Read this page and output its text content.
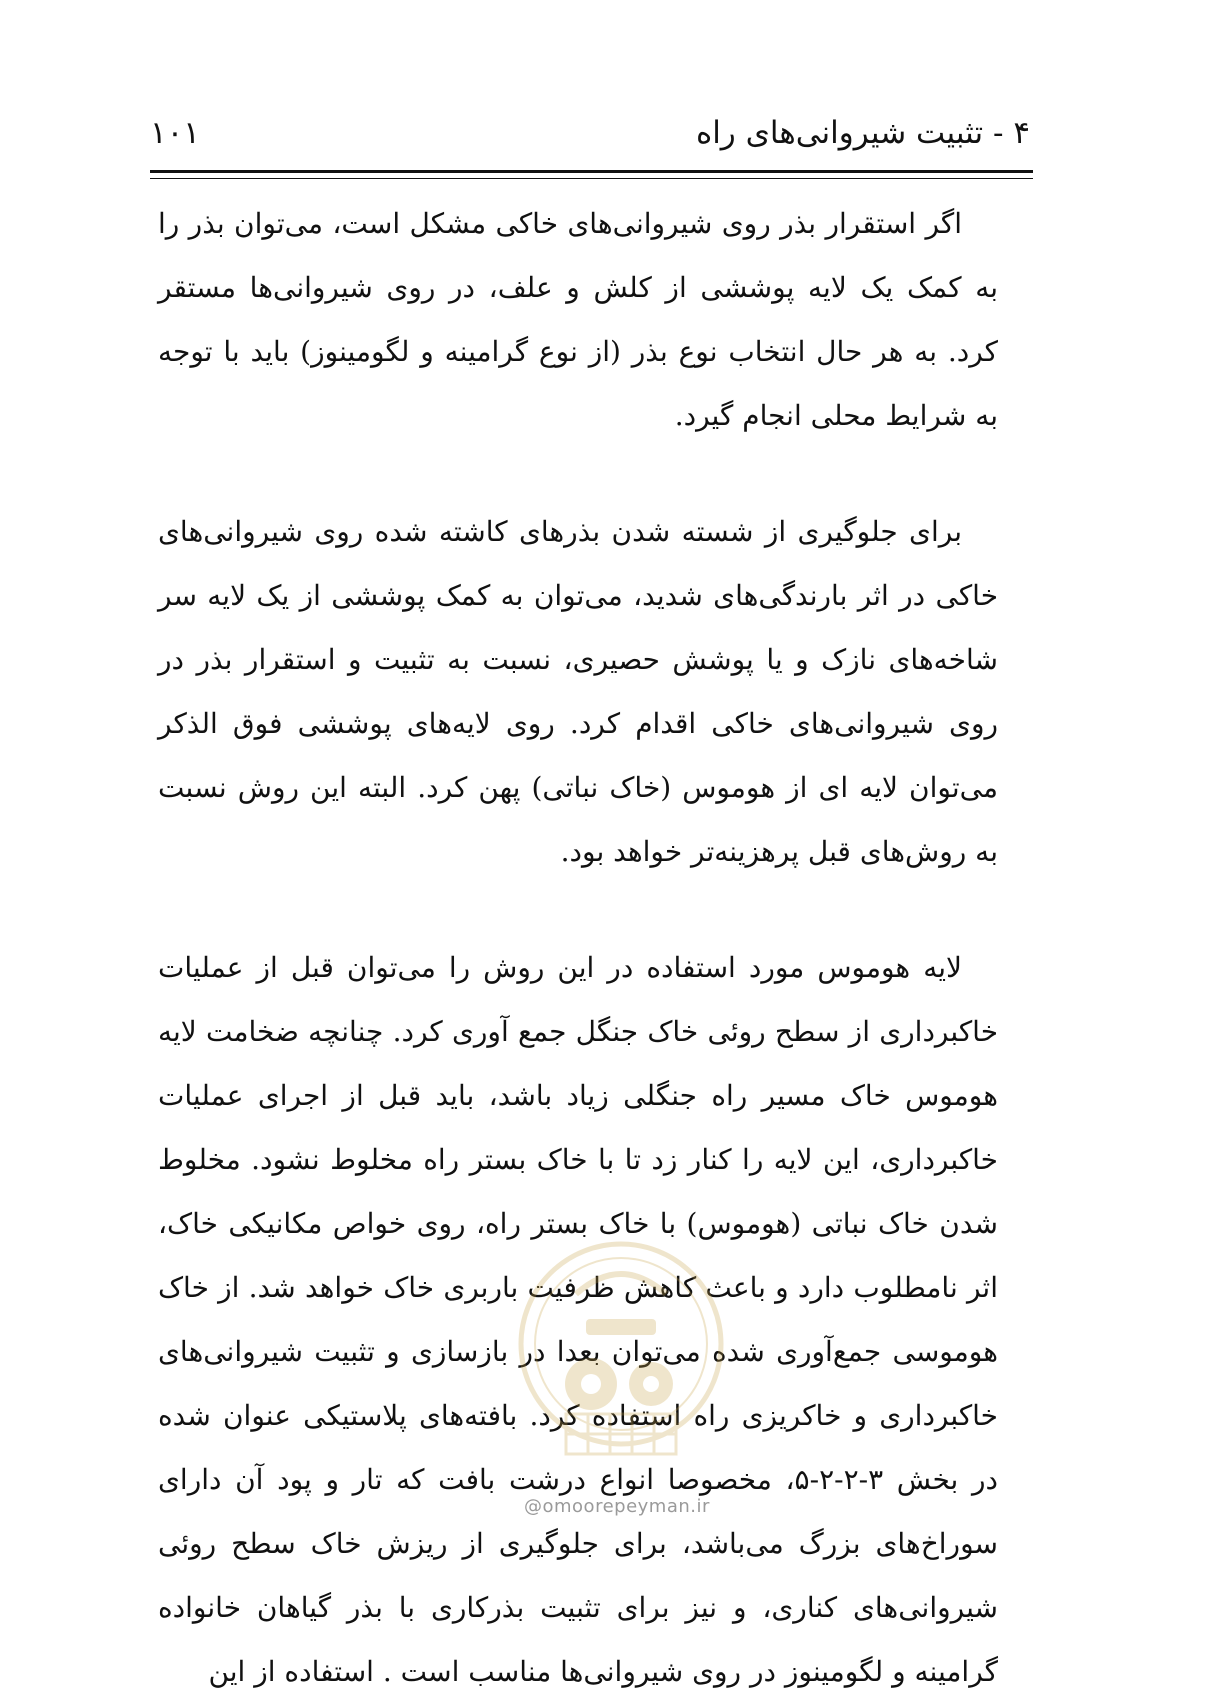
۴ - تثبیت شیروانی‌های راه
۱۰۱

اگر استقرار بذر روی شیروانی‌های خاکی مشکل است، می‌توان بذر را به کمک یک لایه پوششی از کلش و علف، در روی شیروانی‌ها مستقر کرد. به هر حال انتخاب نوع بذر (از نوع گرامینه و لگومینوز) باید با توجه به شرایط محلی انجام گیرد.

برای جلوگیری از شسته شدن بذرهای کاشته شده روی شیروانی‌های خاکی در اثر بارندگی‌های شدید، می‌توان به کمک پوششی از یک لایه سر شاخه‌های نازک و یا پوشش حصیری، نسبت به تثبیت و استقرار بذر در روی شیروانی‌های خاکی اقدام کرد. روی لایه‌های پوششی فوق الذکر می‌توان لایه ای از هوموس (خاک نباتی) پهن کرد. البته این روش نسبت به روش‌های قبل پرهزینه‌تر خواهد بود.

لایه هوموس مورد استفاده در این روش را می‌توان قبل از عملیات خاکبرداری از سطح روئی خاک جنگل جمع آوری کرد. چنانچه ضخامت لایه هوموس خاک مسیر راه جنگلی زیاد باشد، باید قبل از اجرای عملیات خاکبرداری، این لایه را کنار زد تا با خاک بستر راه مخلوط نشود. مخلوط شدن خاک نباتی (هوموس) با خاک بستر راه، روی خواص مکانیکی خاک، اثر نامطلوب دارد و باعث کاهش ظرفیت باربری خاک خواهد شد. از خاک هوموسی جمع‌آوری شده می‌توان بعدا در بازسازی و تثبیت شیروانی‌های خاکبرداری و خاکریزی راه استفاده کرد. بافته‌های پلاستیکی عنوان شده در بخش ۳-۲-۲-۵، مخصوصا انواع درشت بافت که تار و پود آن دارای سوراخ‌های بزرگ می‌باشد، برای جلوگیری از ریزش خاک سطح روئی شیروانی‌های کناری، و نیز برای تثبیت بذرکاری با بذر گیاهان خانواده گرامینه و لگومینوز در روی شیروانی‌ها مناسب است . استفاده از این

@omoorepeyman.ir
